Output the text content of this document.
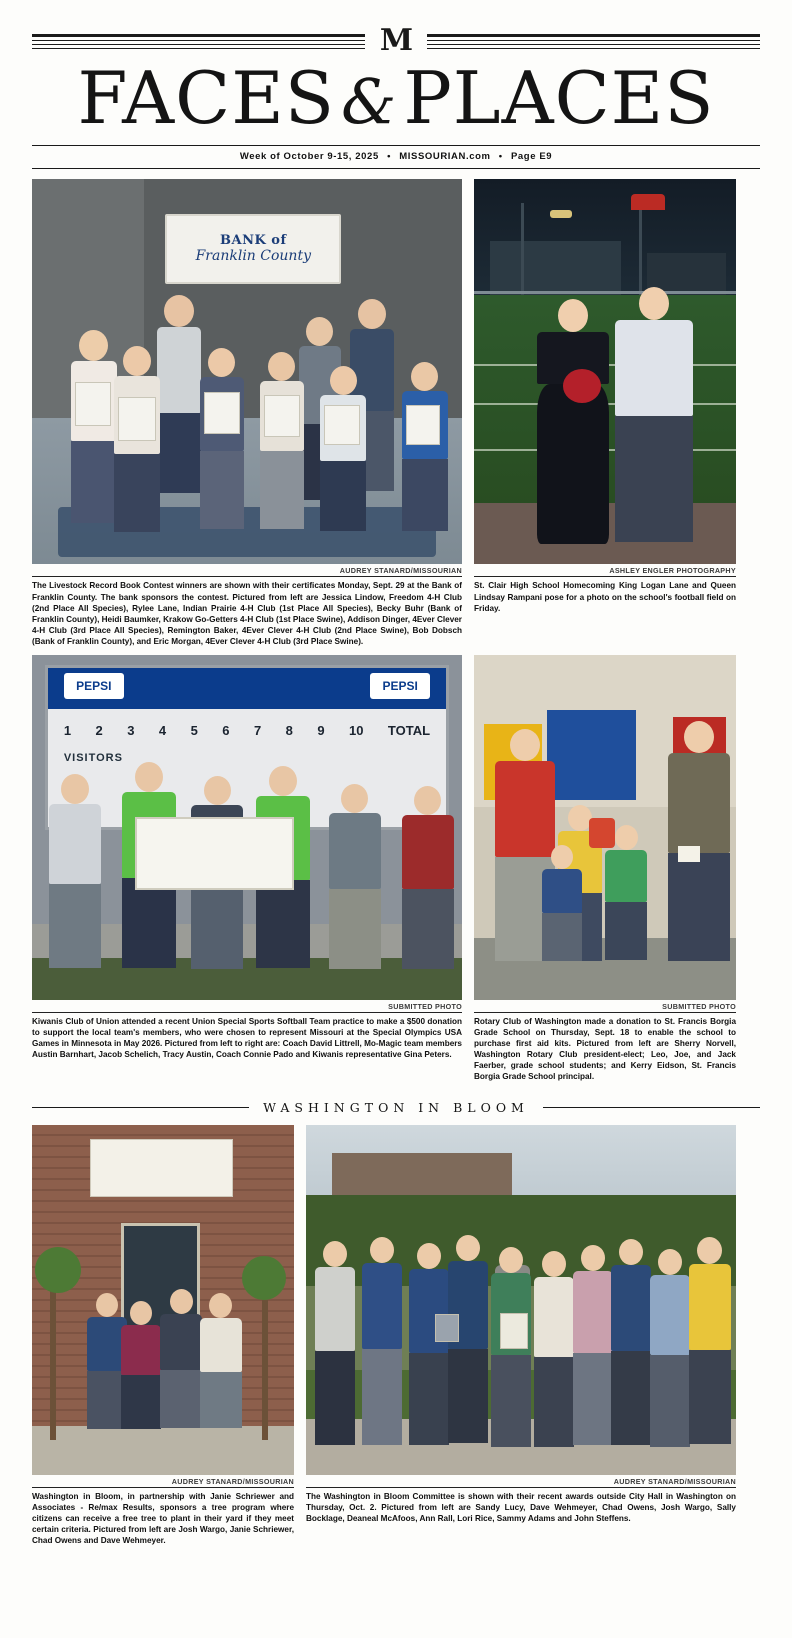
M
FACES&PLACES
Week of October 9-15, 2025 • MISSOURIAN.com • Page E9
BANK of
Franklin County
AUDREY STANARD/MISSOURIAN
The Livestock Record Book Contest winners are shown with their certificates Monday, Sept. 29 at the Bank of Franklin County. The bank sponsors the contest. Pictured from left are Jessica Lindow, Freedom 4-H Club (2nd Place All Species), Rylee Lane, Indian Prairie 4-H Club (1st Place All Species), Becky Buhr (Bank of Franklin County), Heidi Baumker, Krakow Go-Getters 4-H Club (1st Place Swine), Addison Dinger, 4Ever Clever 4-H Club (3rd Place All Species), Remington Baker, 4Ever Clever 4-H Club (2nd Place Swine), Bob Dobsch (Bank of Franklin County), and Eric Morgan, 4Ever Clever 4-H Club (3rd Place Swine).
ASHLEY ENGLER PHOTOGRAPHY
St. Clair High School Homecoming King Logan Lane and Queen Lindsay Rampani pose for a photo on the school's football field on Friday.
PEPSI	PEPSI
1 2 3 4 5 6 7 8 9 10 TOTAL
VISITORS
SUBMITTED PHOTO
Kiwanis Club of Union attended a recent Union Special Sports Softball Team practice to make a $500 donation to support the local team's members, who were chosen to represent Missouri at the Special Olympics USA Games in Minnesota in May 2026. Pictured from left to right are: Coach David Littrell, Mo-Magic team members Austin Barnhart, Jacob Schelich, Tracy Austin, Coach Connie Pado and Kiwanis representative Gina Peters.
SUBMITTED PHOTO
Rotary Club of Washington made a donation to St. Francis Borgia Grade School on Thursday, Sept. 18 to enable the school to purchase first aid kits. Pictured from left are Sherry Norvell, Washington Rotary Club president-elect; Leo, Joe, and Jack Faerber, grade school students; and Kerry Eidson, St. Francis Borgia Grade School principal.
WASHINGTON IN BLOOM
AUDREY STANARD/MISSOURIAN
Washington in Bloom, in partnership with Janie Schriewer and Associates - Re/max Results, sponsors a tree program where citizens can receive a free tree to plant in their yard if they meet certain criteria. Pictured from left are Josh Wargo, Janie Schriewer, Chad Owens and Dave Wehmeyer.
AUDREY STANARD/MISSOURIAN
The Washington in Bloom Committee is shown with their recent awards outside City Hall in Washington on Thursday, Oct. 2. Pictured from left are Sandy Lucy, Dave Wehmeyer, Chad Owens, Josh Wargo, Sally Bocklage, Deaneal McAfoos, Ann Rall, Lori Rice, Sammy Adams and John Steffens.
